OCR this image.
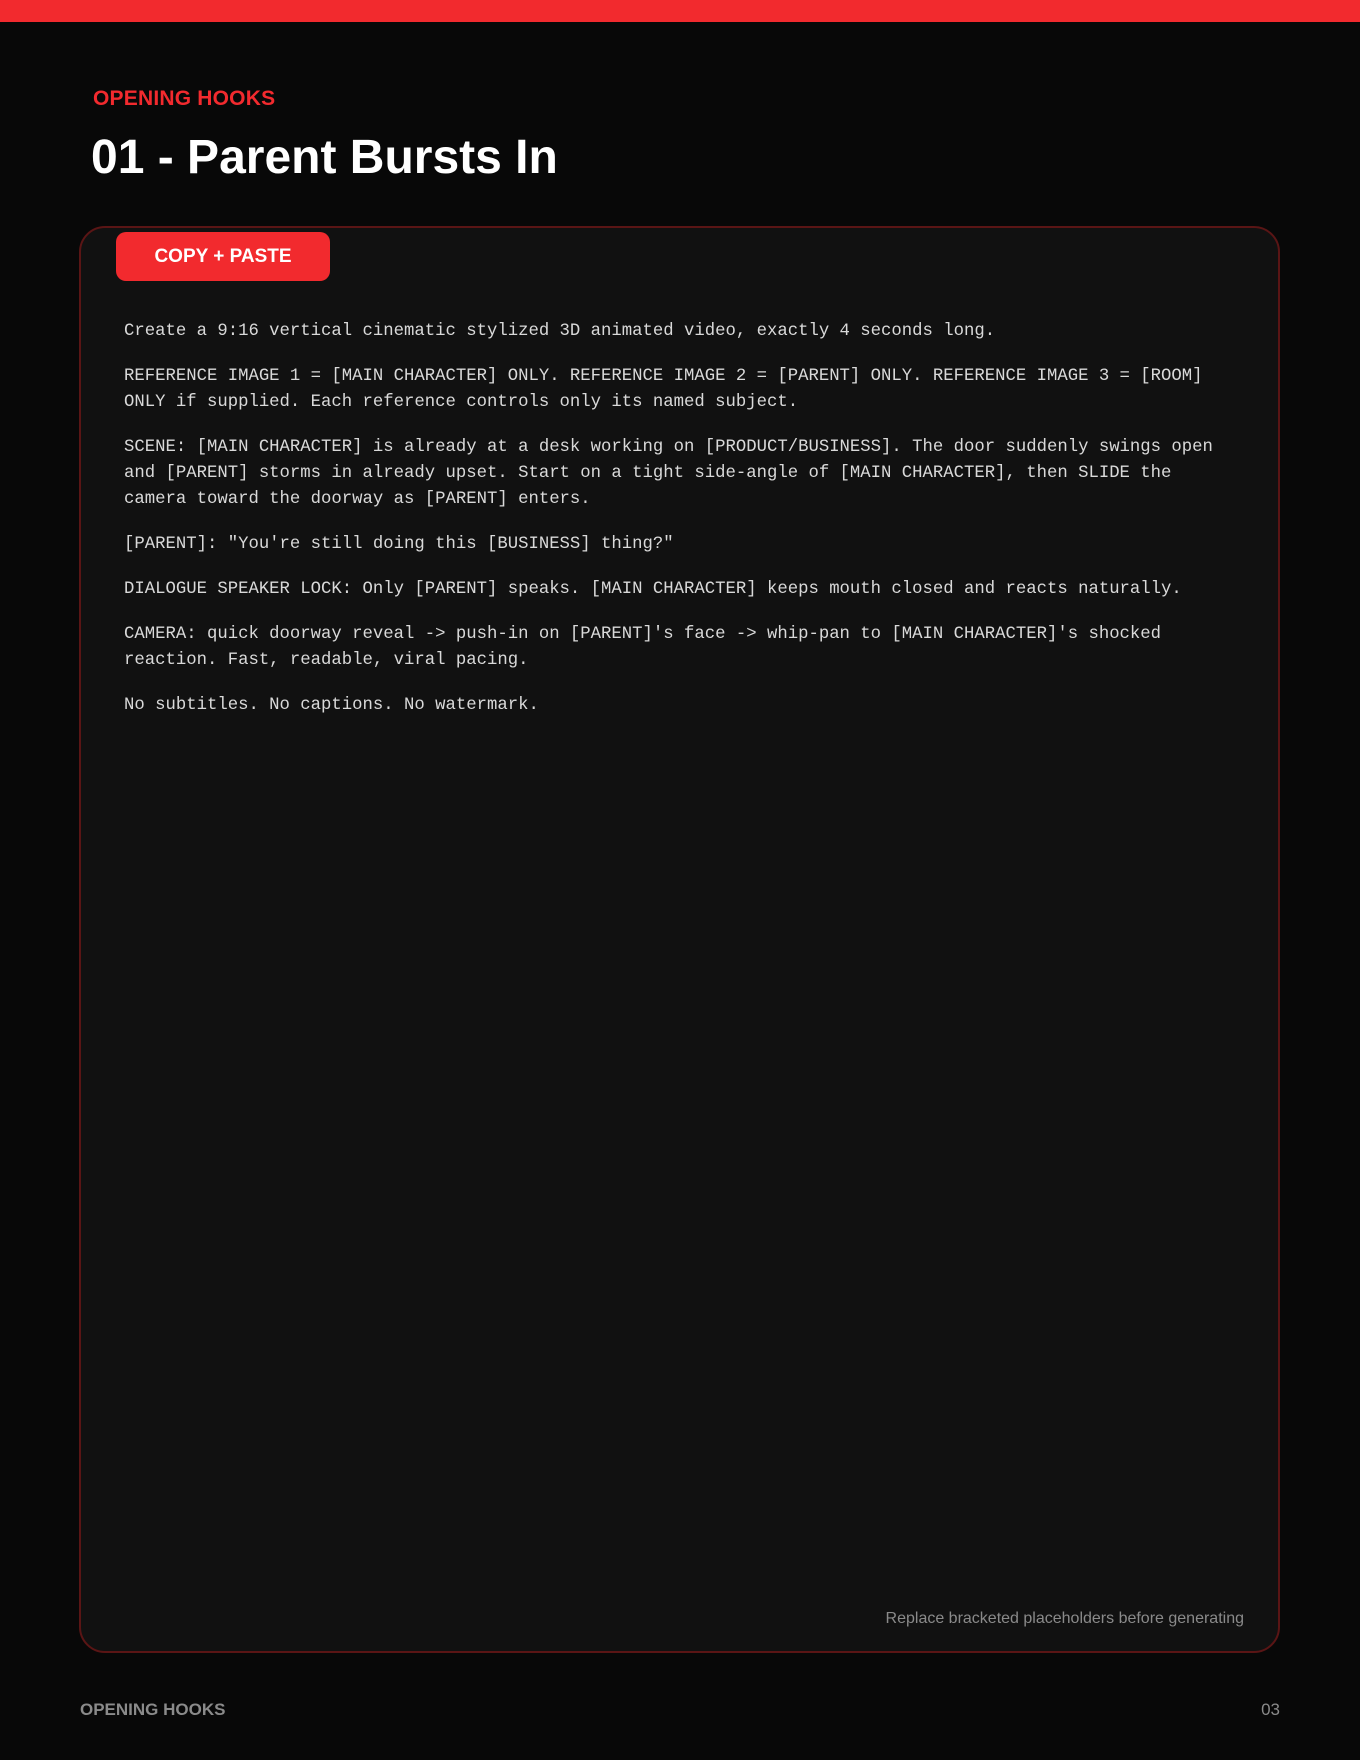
OPENING HOOKS
01 - Parent Bursts In
COPY + PASTE

Create a 9:16 vertical cinematic stylized 3D animated video, exactly 4 seconds long.

REFERENCE IMAGE 1 = [MAIN CHARACTER] ONLY. REFERENCE IMAGE 2 = [PARENT] ONLY. REFERENCE IMAGE 3 = [ROOM] ONLY if supplied. Each reference controls only its named subject.

SCENE: [MAIN CHARACTER] is already at a desk working on [PRODUCT/BUSINESS]. The door suddenly swings open and [PARENT] storms in already upset. Start on a tight side-angle of [MAIN CHARACTER], then SLIDE the camera toward the doorway as [PARENT] enters.

[PARENT]: "You're still doing this [BUSINESS] thing?"

DIALOGUE SPEAKER LOCK: Only [PARENT] speaks. [MAIN CHARACTER] keeps mouth closed and reacts naturally.

CAMERA: quick doorway reveal -> push-in on [PARENT]'s face -> whip-pan to [MAIN CHARACTER]'s shocked reaction. Fast, readable, viral pacing.

No subtitles. No captions. No watermark.

Replace bracketed placeholders before generating
OPENING HOOKS	03
